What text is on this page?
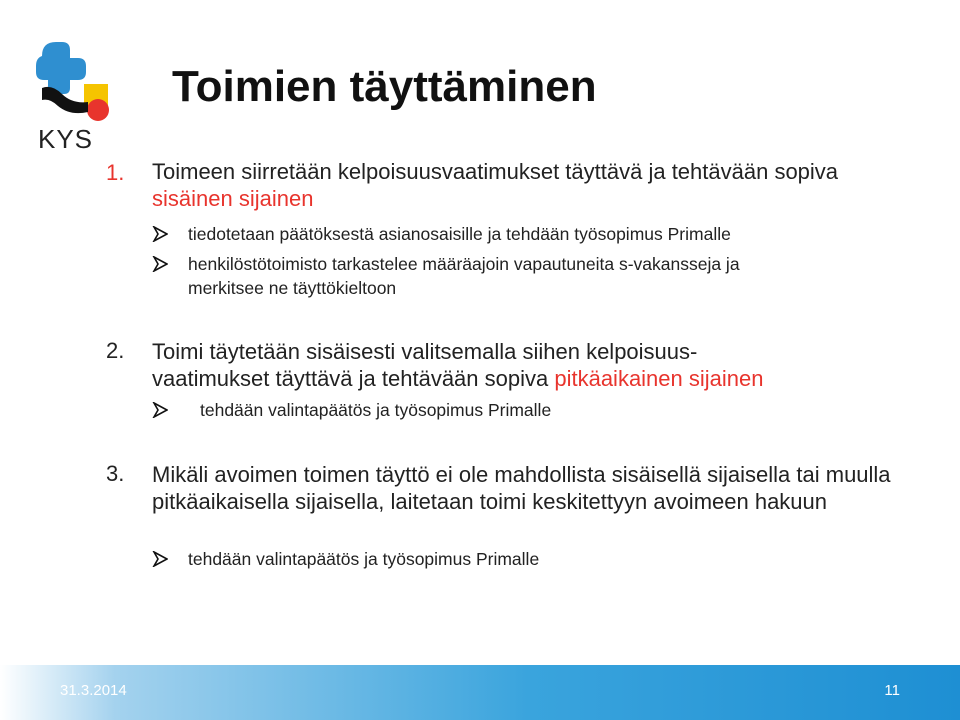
KYS
Toimien täyttäminen
1. Toimeen siirretään kelpoisuusvaatimukset täyttävä ja tehtävään sopiva sisäinen sijainen
tiedotetaan päätöksestä asianosaisille ja tehdään työsopimus Primalle
henkilöstötoimisto tarkastelee määräajoin vapautuneita s-vakansseja ja merkitsee ne täyttökieltoon
2. Toimi täytetään sisäisesti valitsemalla siihen kelpoisuus-vaatimukset täyttävä ja tehtävään sopiva pitkäaikainen sijainen
tehdään valintapäätös ja työsopimus Primalle
3. Mikäli avoimen toimen täyttö ei ole mahdollista sisäisellä sijaisella tai muulla pitkäaikaisella sijaisella, laitetaan toimi keskitettyyn avoimeen hakuun
tehdään valintapäätös ja työsopimus Primalle
31.3.2014	11
